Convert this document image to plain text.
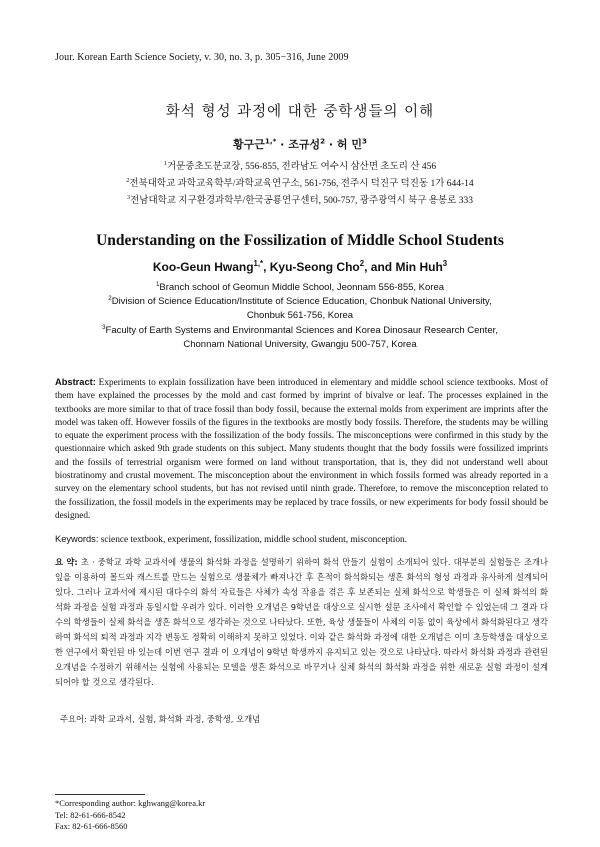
Jour. Korean Earth Science Society, v. 30, no. 3, p. 305−316, June 2009
화석 형성 과정에 대한 중학생들의 이해
황구근$^{1,*}$ · 조규성$^2$ · 허 민$^3$
$^1$거문중초도분교장, 556-855, 전라남도 여수시 삼산면 초도리 산 456
$^2$전북대학교 과학교육학부/과학교육연구소, 561-756, 전주시 덕진구 덕진동 1가 644-14
$^3$전남대학교 지구환경과학부/한국공룡연구센터, 500-757, 광주광역시 북구 용봉로 333
Understanding on the Fossilization of Middle School Students
Koo-Geun Hwang$^{1,*}$, Kyu-Seong Cho$^2$, and Min Huh$^3$
$^1$Branch school of Geomun Middle School, Jeonnam 556-855, Korea
$^2$Division of Science Education/Institute of Science Education, Chonbuk National University,
Chonbuk 561-756, Korea
$^3$Faculty of Earth Systems and Environmantal Sciences and Korea Dinosaur Research Center,
Chonnam National University, Gwangju 500-757, Korea
Abstract: Experiments to explain fossilization have been introduced in elementary and middle school science textbooks. Most of them have explained the processes by the mold and cast formed by imprint of bivalve or leaf. The processes explained in the textbooks are more similar to that of trace fossil than body fossil, because the external molds from experiment are imprints after the model was taken off. However fossils of the figures in the textbooks are mostly body fossils. Therefore, the students may be willing to equate the experiment process with the fossilization of the body fossils. The misconceptions were confirmed in this study by the questionnaire which asked 9th grade students on this subject. Many students thought that the body fossils were fossilized imprints and the fossils of terrestrial organism were formed on land without transportation, that is, they did not understand well about biostratinomy and crustal movement. The misconception about the environment in which fossils formed was already reported in a survey on the elementary school students, but has not revised until ninth grade. Therefore, to remove the misconception related to the fossilization, the fossil models in the experiments may be replaced by trace fossils, or new experiments for body fossil should be designed.
Keywords: science textbook, experiment, fossilization, middle school student, misconception.
요 약: 초 · 중학교 과학 교과서에 생물의 화석화 과정을 설명하기 위하여 화석 만들기 실험이 소개되어 있다. 대부분의 실험들은 조개나 잎을 이용하여 몰드와 캐스트를 만드는 실험으로 생물체가 빠져나간 후 흔적이 화석화되는 생흔 화석의 형성 과정과 유사하게 설계되어 있다. 그러나 교과서에 제시된 대다수의 화석 자료들은 사체가 속성 작용을 겪은 후 보존되는 실체 화석으로 학생들은 이 실체 화석의 화석화 과정을 실험 과정과 동일시할 우려가 있다. 이러한 오개념은 9학년을 대상으로 실시한 설문 조사에서 확인할 수 있었는데 그 결과 다수의 학생들이 실체 화석을 생흔 화석으로 생각하는 것으로 나타났다. 또한, 육상 생물들이 사체의 이동 없이 육상에서 화석화된다고 생각하여 화석의 퇴적 과정과 지각 변동도 정확히 이해하지 못하고 있었다. 이와 같은 화석화 과정에 대한 오개념은 이미 초등학생을 대상으로 한 연구에서 확인된 바 있는데 이번 연구 결과 이 오개념이 9학년 학생까지 유지되고 있는 것으로 나타났다. 따라서 화석화 과정과 관련된 오개념을 수정하기 위해서는 실험에 사용되는 모델을 생흔 화석으로 바꾸거나 실체 화석의 화석화 과정을 위한 새로운 실험 과정이 설계되어야 할 것으로 생각된다.
주요어: 과학 교과서, 실험, 화석화 과정, 중학생, 오개념
*Corresponding author: kghwang@korea.kr
Tel: 82-61-666-8542
Fax: 82-61-666-8560
